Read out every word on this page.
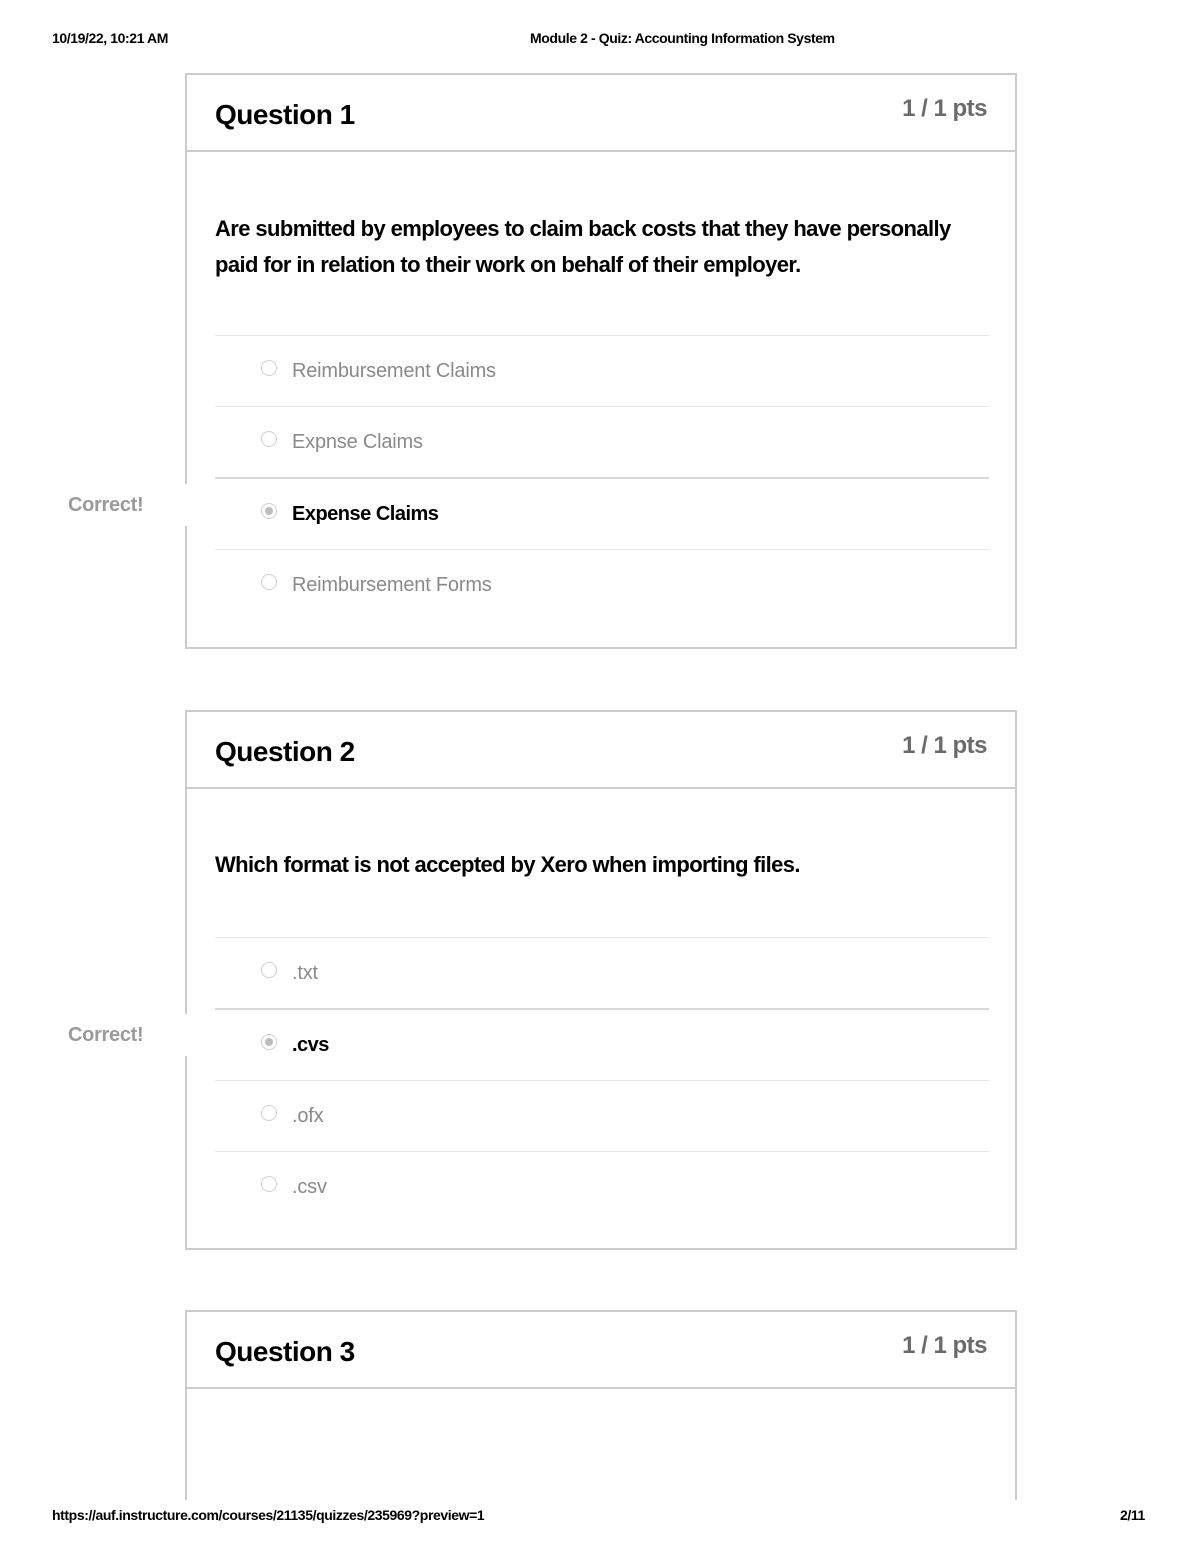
10/19/22, 10:21 AM	Module 2 - Quiz: Accounting Information System
Question 1	1 / 1 pts
Are submitted by employees to claim back costs that they have personally paid for in relation to their work on behalf of their employer.
Reimbursement Claims
Expnse Claims
Expense Claims
Reimbursement Forms
Correct!
Question 2	1 / 1 pts
Which format is not accepted by Xero when importing files.
.txt
.cvs
.ofx
.csv
Correct!
Question 3	1 / 1 pts
https://auf.instructure.com/courses/21135/quizzes/235969?preview=1	2/11
